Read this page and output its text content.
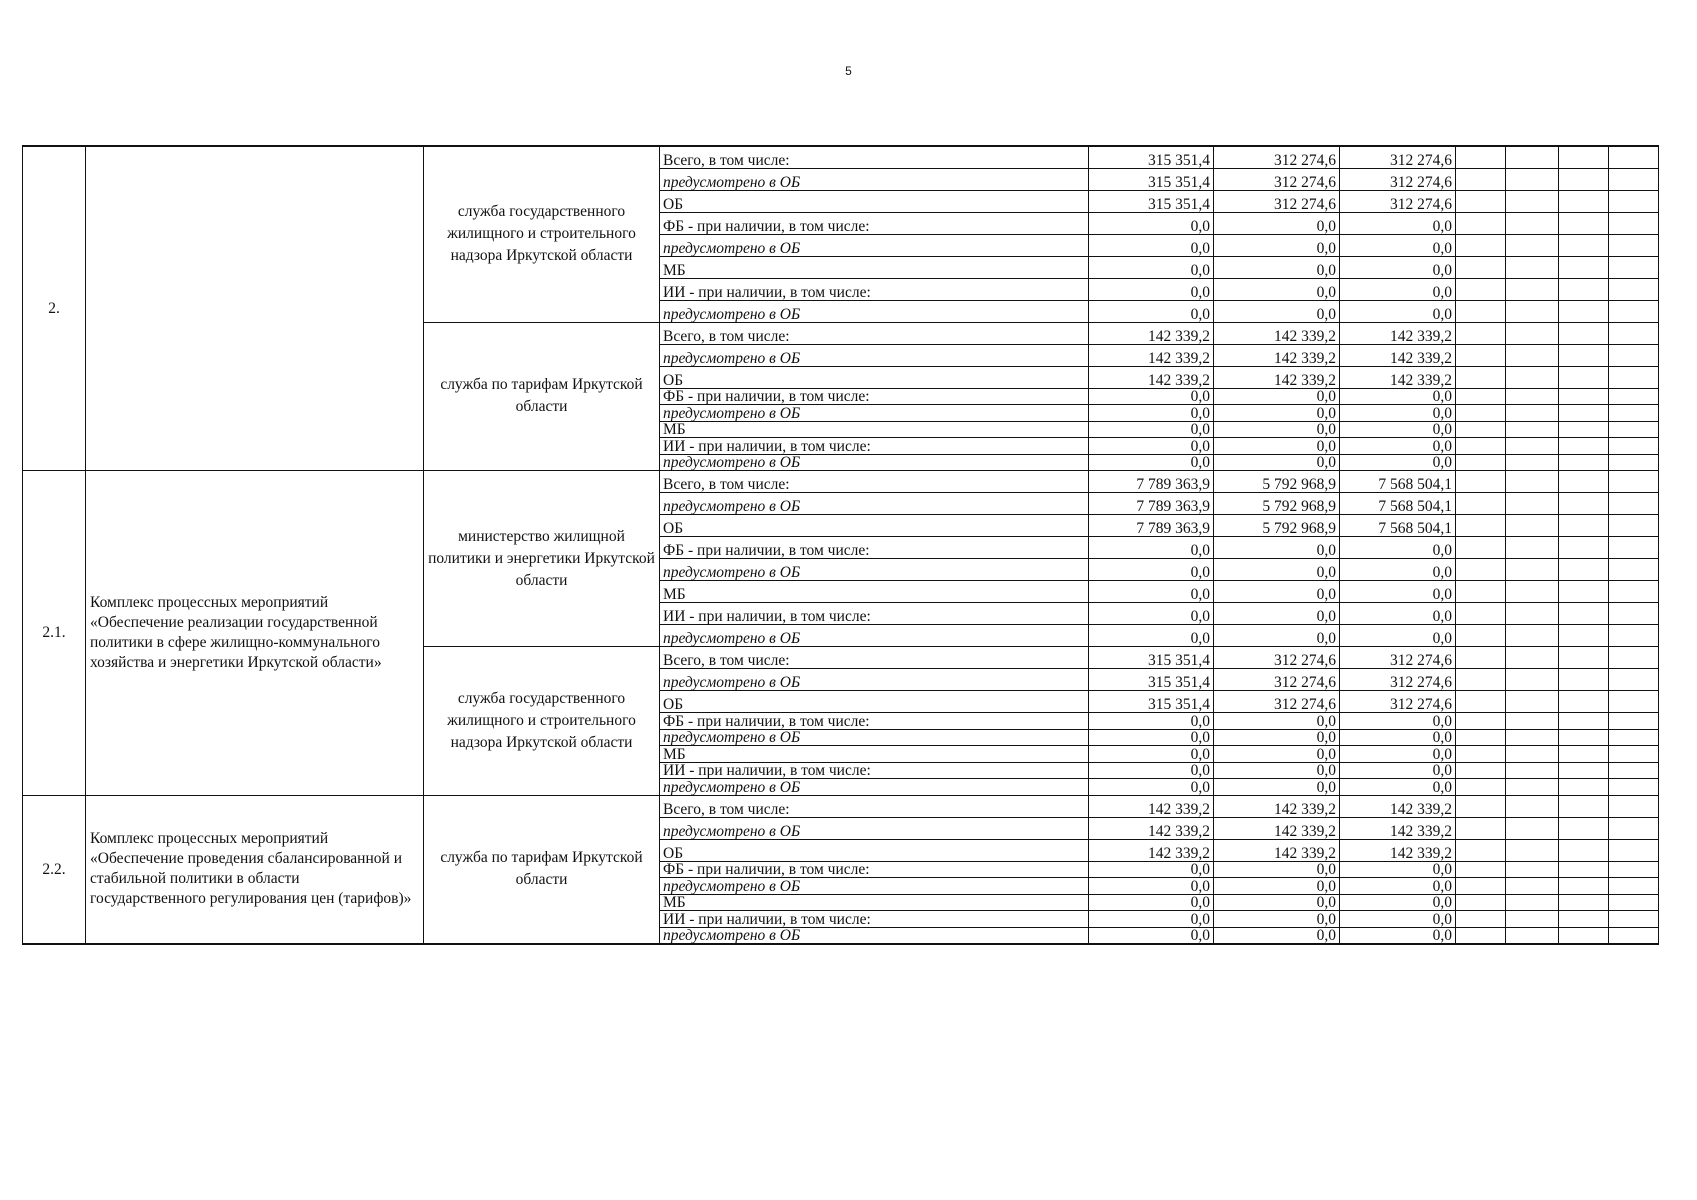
5
2.		служба государственного жилищного и строительного надзора Иркутской области	Всего, в том числе:	315 351,4	312 274,6	312 274,6				
			предусмотрено в ОБ	315 351,4	312 274,6	312 274,6				
			ОБ	315 351,4	312 274,6	312 274,6				
			ФБ - при наличии, в том числе:	0,0	0,0	0,0				
			предусмотрено в ОБ	0,0	0,0	0,0				
			МБ	0,0	0,0	0,0				
			ИИ - при наличии, в том числе:	0,0	0,0	0,0				
			предусмотрено в ОБ	0,0	0,0	0,0				
		служба по тарифам Иркутской области	Всего, в том числе:	142 339,2	142 339,2	142 339,2				
			предусмотрено в ОБ	142 339,2	142 339,2	142 339,2				
			ОБ	142 339,2	142 339,2	142 339,2				
			ФБ - при наличии, в том числе:	0,0	0,0	0,0				
			предусмотрено в ОБ	0,0	0,0	0,0				
			МБ	0,0	0,0	0,0				
			ИИ - при наличии, в том числе:	0,0	0,0	0,0				
			предусмотрено в ОБ	0,0	0,0	0,0				
2.1.	Комплекс процессных мероприятий «Обеспечение реализации государственной политики в сфере жилищно-коммунального хозяйства и энергетики Иркутской области»	министерство жилищной политики и энергетики Иркутской области	Всего, в том числе:	7 789 363,9	5 792 968,9	7 568 504,1				
			предусмотрено в ОБ	7 789 363,9	5 792 968,9	7 568 504,1				
			ОБ	7 789 363,9	5 792 968,9	7 568 504,1				
			ФБ - при наличии, в том числе:	0,0	0,0	0,0				
			предусмотрено в ОБ	0,0	0,0	0,0				
			МБ	0,0	0,0	0,0				
			ИИ - при наличии, в том числе:	0,0	0,0	0,0				
			предусмотрено в ОБ	0,0	0,0	0,0				
		служба государственного жилищного и строительного надзора Иркутской области	Всего, в том числе:	315 351,4	312 274,6	312 274,6				
			предусмотрено в ОБ	315 351,4	312 274,6	312 274,6				
			ОБ	315 351,4	312 274,6	312 274,6				
			ФБ - при наличии, в том числе:	0,0	0,0	0,0				
			предусмотрено в ОБ	0,0	0,0	0,0				
			МБ	0,0	0,0	0,0				
			ИИ - при наличии, в том числе:	0,0	0,0	0,0				
			предусмотрено в ОБ	0,0	0,0	0,0				
2.2.	Комплекс процессных мероприятий «Обеспечение проведения сбалансированной и стабильной политики в области государственного регулирования цен (тарифов)»	служба по тарифам Иркутской области	Всего, в том числе:	142 339,2	142 339,2	142 339,2				
			предусмотрено в ОБ	142 339,2	142 339,2	142 339,2				
			ОБ	142 339,2	142 339,2	142 339,2				
			ФБ - при наличии, в том числе:	0,0	0,0	0,0				
			предусмотрено в ОБ	0,0	0,0	0,0				
			МБ	0,0	0,0	0,0				
			ИИ - при наличии, в том числе:	0,0	0,0	0,0				
			предусмотрено в ОБ	0,0	0,0	0,0				
